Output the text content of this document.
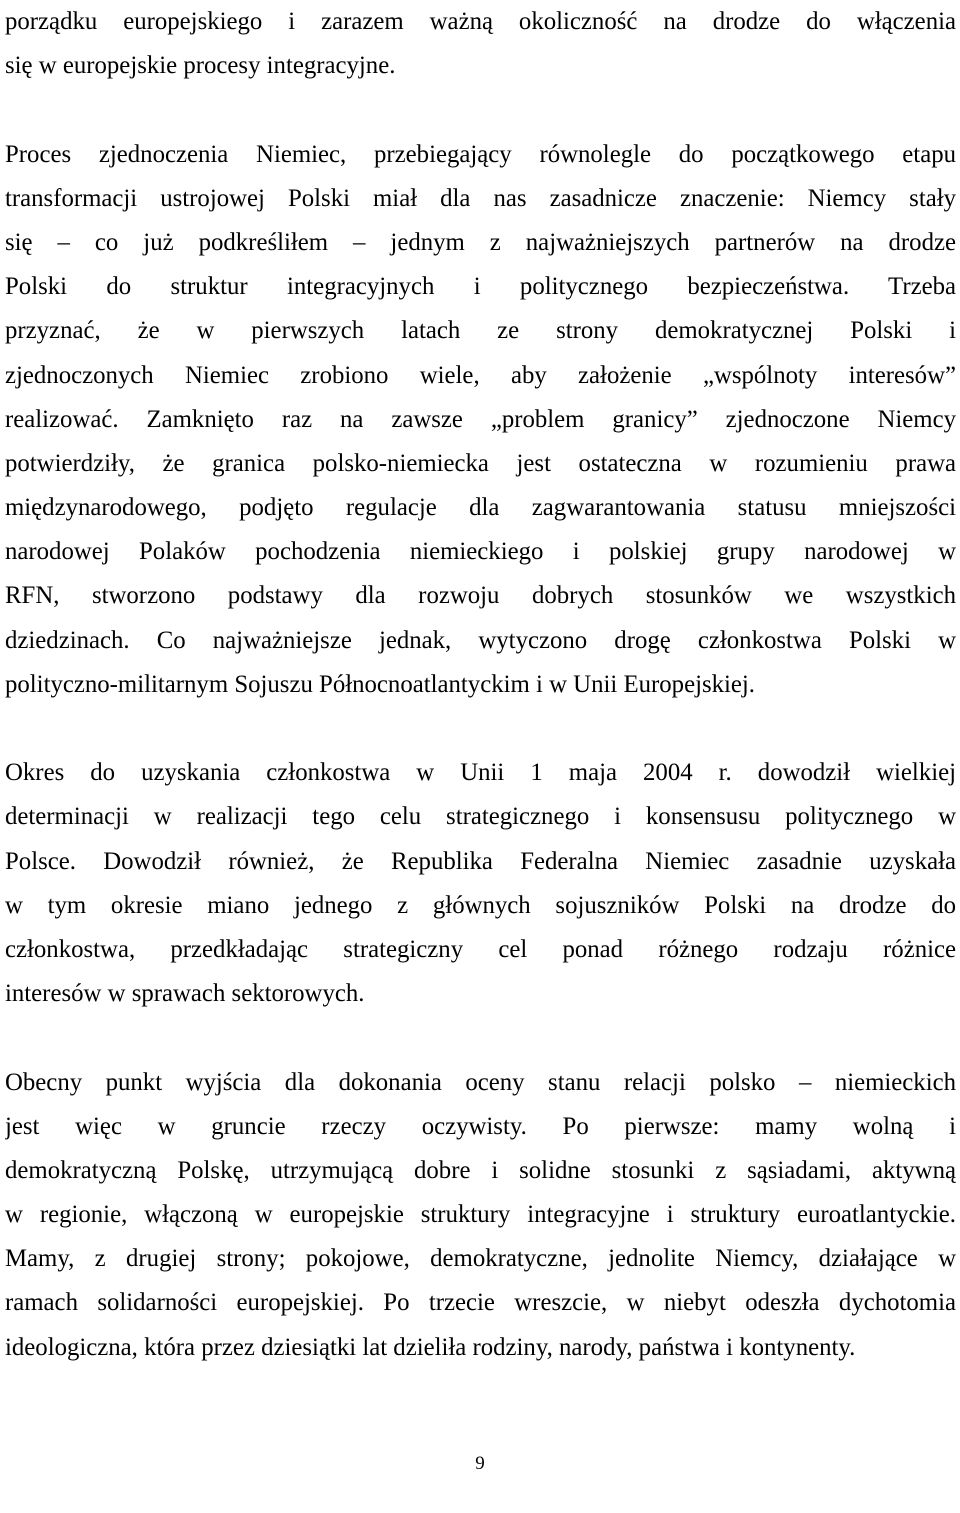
porządku europejskiego i zarazem ważną okoliczność na drodze do włączenia
się w europejskie procesy integracyjne.

Proces zjednoczenia Niemiec, przebiegający równolegle do początkowego etapu
transformacji ustrojowej Polski miał dla nas zasadnicze znaczenie: Niemcy stały
się – co już podkreśliłem – jednym z najważniejszych partnerów na drodze
Polski do struktur integracyjnych i politycznego bezpieczeństwa. Trzeba
przyznać, że w pierwszych latach ze strony demokratycznej Polski i
zjednoczonych Niemiec zrobiono wiele, aby założenie „wspólnoty interesów”
realizować. Zamknięto raz na zawsze „problem granicy” zjednoczone Niemcy
potwierdziły, że granica polsko-niemiecka jest ostateczna w rozumieniu prawa
międzynarodowego, podjęto regulacje dla zagwarantowania statusu mniejszości
narodowej Polaków pochodzenia niemieckiego i polskiej grupy narodowej w
RFN, stworzono podstawy dla rozwoju dobrych stosunków we wszystkich
dziedzinach. Co najważniejsze jednak, wytyczono drogę członkostwa Polski w
polityczno-militarnym Sojuszu Północnoatlantyckim i w Unii Europejskiej.

Okres do uzyskania członkostwa w Unii 1 maja 2004 r. dowodził wielkiej
determinacji w realizacji tego celu strategicznego i konsensusu politycznego w
Polsce. Dowodził również, że Republika Federalna Niemiec zasadnie uzyskała
w tym okresie miano jednego z głównych sojuszników Polski na drodze do
członkostwa, przedkładając strategiczny cel ponad różnego rodzaju różnice
interesów w sprawach sektorowych.

Obecny punkt wyjścia dla dokonania oceny stanu relacji polsko – niemieckich
jest więc w gruncie rzeczy oczywisty. Po pierwsze: mamy wolną i
demokratyczną Polskę, utrzymującą dobre i solidne stosunki z sąsiadami, aktywną
w regionie, włączoną w europejskie struktury integracyjne i struktury euroatlantyckie.
Mamy, z drugiej strony; pokojowe, demokratyczne, jednolite Niemcy, działające w
ramach solidarności europejskiej. Po trzecie wreszcie, w niebyt odeszła dychotomia
ideologiczna, która przez dziesiątki lat dzieliła rodziny, narody, państwa i kontynenty.

9
